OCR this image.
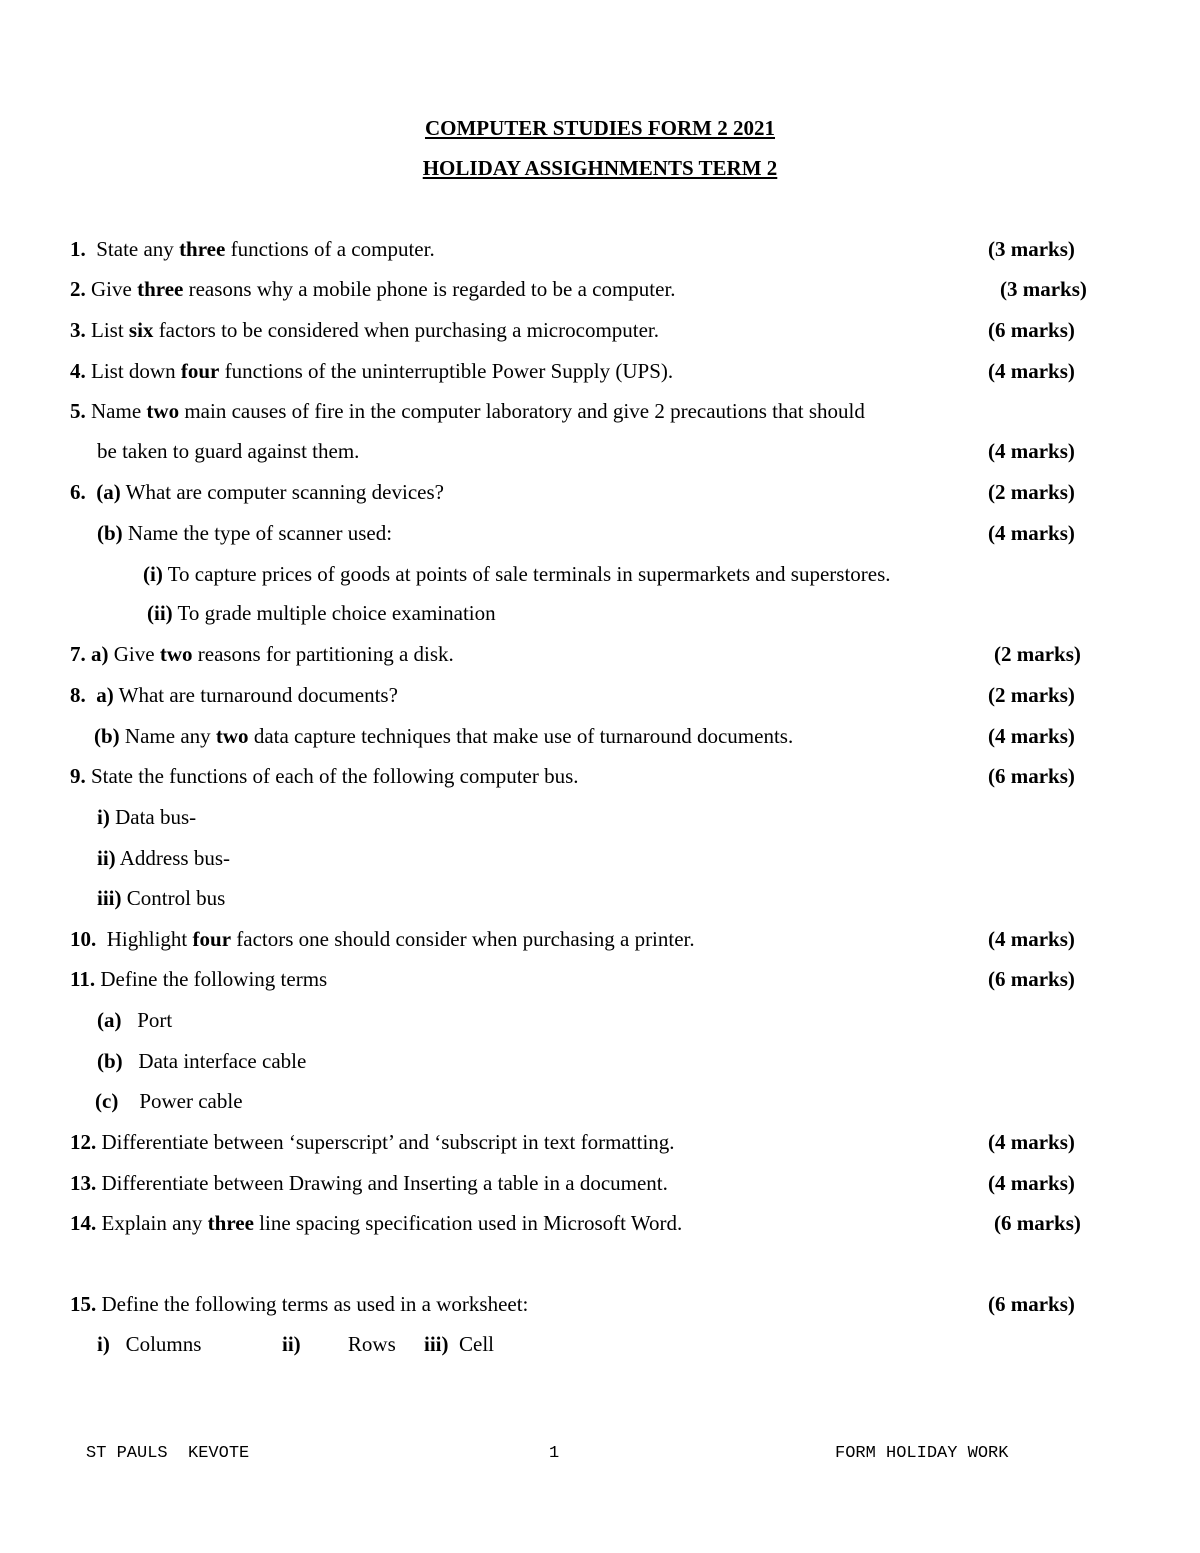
COMPUTER STUDIES FORM 2 2021
HOLIDAY ASSIGHNMENTS TERM 2
1. State any three functions of a computer.	(3 marks)
2. Give three reasons why a mobile phone is regarded to be a computer.	(3 marks)
3. List six factors to be considered when purchasing a microcomputer.	(6 marks)
4. List down four functions of the uninterruptible Power Supply (UPS).	(4 marks)
5. Name two main causes of fire in the computer laboratory and give 2 precautions that should
be taken to guard against them.	(4 marks)
6. (a) What are computer scanning devices?	(2 marks)
(b) Name the type of scanner used:	(4 marks)
(i) To capture prices of goods at points of sale terminals in supermarkets and superstores.
(ii) To grade multiple choice examination
7. a) Give two reasons for partitioning a disk.	(2 marks)
8. a) What are turnaround documents?	(2 marks)
(b) Name any two data capture techniques that make use of turnaround documents.	(4 marks)
9. State the functions of each of the following computer bus.	(6 marks)
i) Data bus-
ii) Address bus-
iii) Control bus
10. Highlight four factors one should consider when purchasing a printer.	(4 marks)
11. Define the following terms	(6 marks)
(a) Port
(b) Data interface cable
(c) Power cable
12. Differentiate between ‘superscript’ and ‘subscript in text formatting.	(4 marks)
13. Differentiate between Drawing and Inserting a table in a document.	(4 marks)
14. Explain any three line spacing specification used in Microsoft Word.	(6 marks)
15. Define the following terms as used in a worksheet:	(6 marks)
i) Columns	ii) Rows iii) Cell
ST PAULS  KEVOTE	1	FORM HOLIDAY WORK
